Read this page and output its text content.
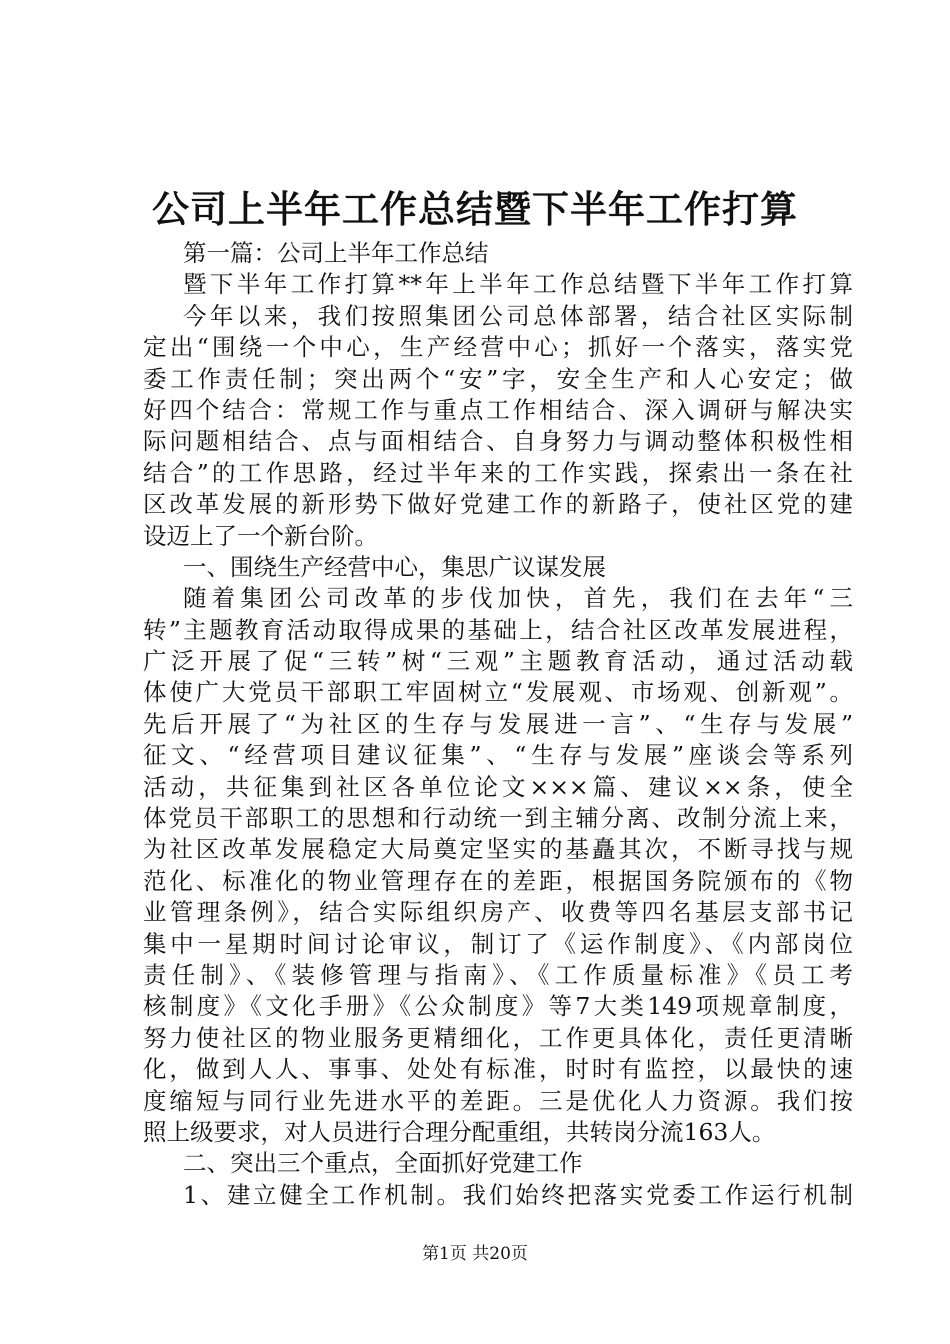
公司上半年工作总结暨下半年工作打算
第一篇：公司上半年工作总结
暨下半年工作打算**年上半年工作总结暨下半年工作打算
今年以来，我们按照集团公司总体部署，结合社区实际制
定出“围绕一个中心，生产经营中心；抓好一个落实，落实党
委工作责任制；突出两个“安”字，安全生产和人心安定；做
好四个结合：常规工作与重点工作相结合、深入调研与解决实
际问题相结合、点与面相结合、自身努力与调动整体积极性相
结合”的工作思路，经过半年来的工作实践，探索出一条在社
区改革发展的新形势下做好党建工作的新路子，使社区党的建
设迈上了一个新台阶。
一、围绕生产经营中心，集思广议谋发展
随着集团公司改革的步伐加快，首先，我们在去年“三
转”主题教育活动取得成果的基础上，结合社区改革发展进程，
广泛开展了促“三转”树“三观”主题教育活动，通过活动载
体使广大党员干部职工牢固树立“发展观、市场观、创新观”。
先后开展了“为社区的生存与发展进一言”、“生存与发展”
征文、“经营项目建议征集”、“生存与发展”座谈会等系列
活动，共征集到社区各单位论文×××篇、建议××条，使全
体党员干部职工的思想和行动统一到主辅分离、改制分流上来，
为社区改革发展稳定大局奠定坚实的基矗其次，不断寻找与规
范化、标准化的物业管理存在的差距，根据国务院颁布的《物
业管理条例》，结合实际组织房产、收费等四名基层支部书记
集中一星期时间讨论审议，制订了《运作制度》、《内部岗位
责任制》、《装修管理与指南》、《工作质量标准》《员工考
核制度》《文化手册》《公众制度》等7大类149项规章制度，
努力使社区的物业服务更精细化，工作更具体化，责任更清晰
化，做到人人、事事、处处有标准，时时有监控，以最快的速
度缩短与同行业先进水平的差距。三是优化人力资源。我们按
照上级要求，对人员进行合理分配重组，共转岗分流163人。
二、突出三个重点，全面抓好党建工作
1、建立健全工作机制。我们始终把落实党委工作运行机制
第1页 共20页
